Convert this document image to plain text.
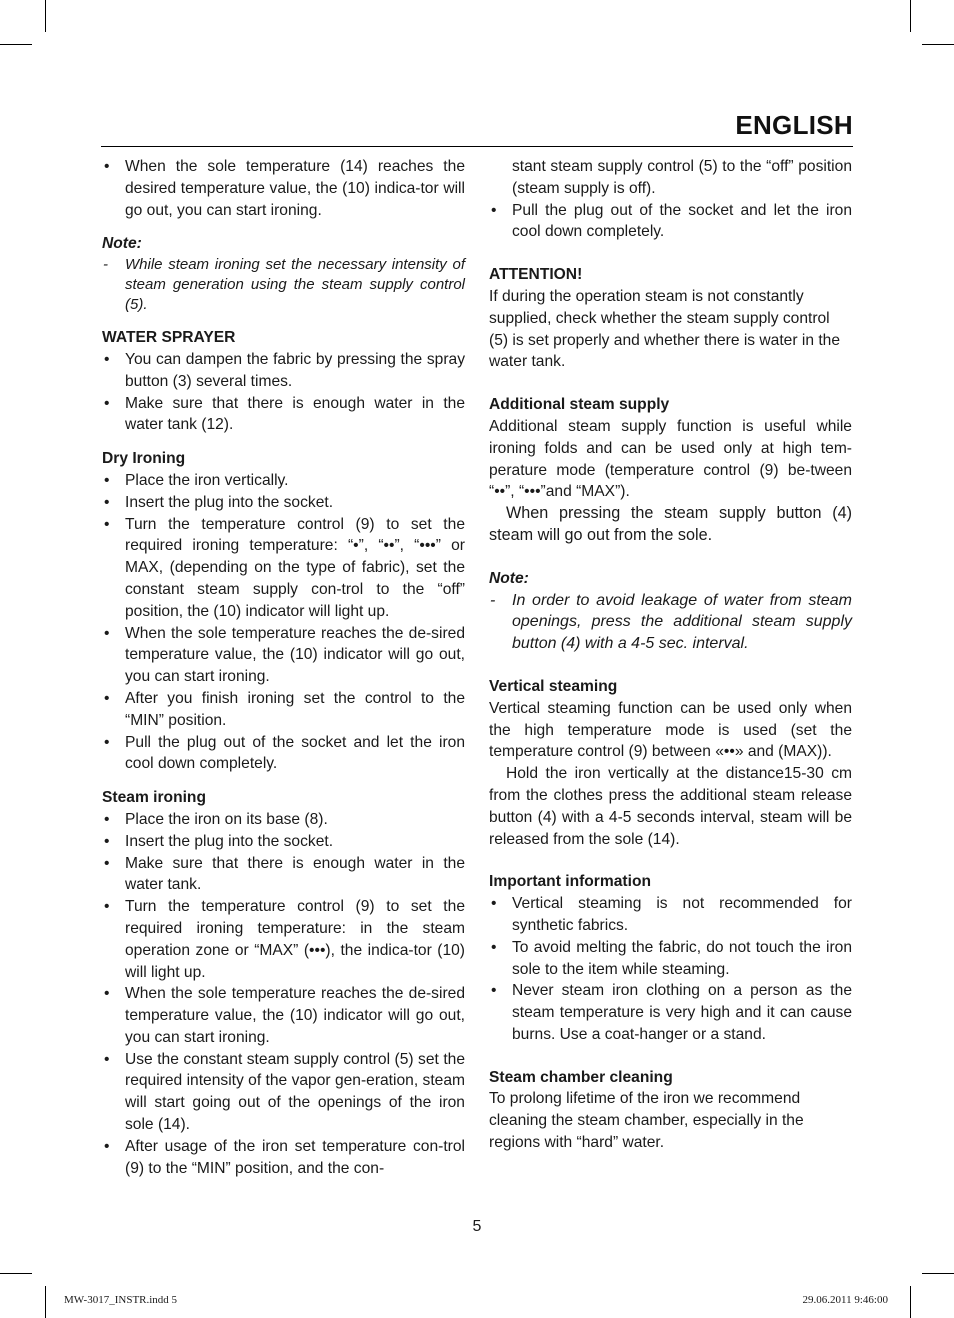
ENGLISH
• When the sole temperature (14) reaches the desired temperature value, the (10) indica-tor will go out, you can start ironing.
Note:
- While steam ironing set the necessary intensity of steam generation using the steam supply control (5).
WATER SPRAYER
• You can dampen the fabric by pressing the spray button (3) several times.
• Make sure that there is enough water in the water tank (12).
Dry Ironing
• Place the iron vertically.
• Insert the plug into the socket.
• Turn the temperature control (9) to set the required ironing temperature: “•”, “••”, “•••” or MAX, (depending on the type of fabric), set the constant steam supply con-trol to the “off” position, the (10) indicator will light up.
• When the sole temperature reaches the de-sired temperature value, the (10) indicator will go out, you can start ironing.
• After you finish ironing set the control to the “MIN” position.
• Pull the plug out of the socket and let the iron cool down completely.
Steam ironing
• Place the iron on its base (8).
• Insert the plug into the socket.
• Make sure that there is enough water in the water tank.
• Turn the temperature control (9) to set the required ironing temperature: in the steam operation zone or “MAX” (•••), the indica-tor (10) will light up.
• When the sole temperature reaches the de-sired temperature value, the (10) indicator will go out, you can start ironing.
• Use the constant steam supply control (5) set the required intensity of the vapor gen-eration, steam will start going out of the openings of the iron sole (14).
• After usage of the iron set temperature con-trol (9) to the “MIN” position, and the con-

stant steam supply control (5) to the “off” position (steam supply is off).

• Pull the plug out of the socket and let the iron cool down completely.
ATTENTION!

If during the operation steam is not constantly supplied, check whether the steam supply control (5) is set properly and whether there is water in the water tank.

Additional steam supply

Additional steam supply function is useful while ironing folds and can be used only at high tem-perature mode (temperature control (9) be-tween “••”, “•••”and “MAX”).

When pressing the steam supply button (4) steam will go out from the sole.

Note:
- In order to avoid leakage of water from steam openings, press the additional steam supply button (4) with a 4-5 sec. interval.
Vertical steaming

Vertical steaming function can be used only when the high temperature mode is used (set the temperature control (9) between «••» and (MAX)).

Hold the iron vertically at the distance15-30 cm from the clothes press the additional steam release button (4) with a 4-5 seconds interval, steam will be released from the sole (14).

Important information
• Vertical steaming is not recommended for synthetic fabrics.
• To avoid melting the fabric, do not touch the iron sole to the item while steaming.
• Never steam iron clothing on a person as the steam temperature is very high and it can cause burns. Use a coat-hanger or a stand.
Steam chamber cleaning

To prolong lifetime of the iron we recommend cleaning the steam chamber, especially in the regions with “hard” water.

5
MW-3017_INSTR.indd 5	29.06.2011 9:46:00
